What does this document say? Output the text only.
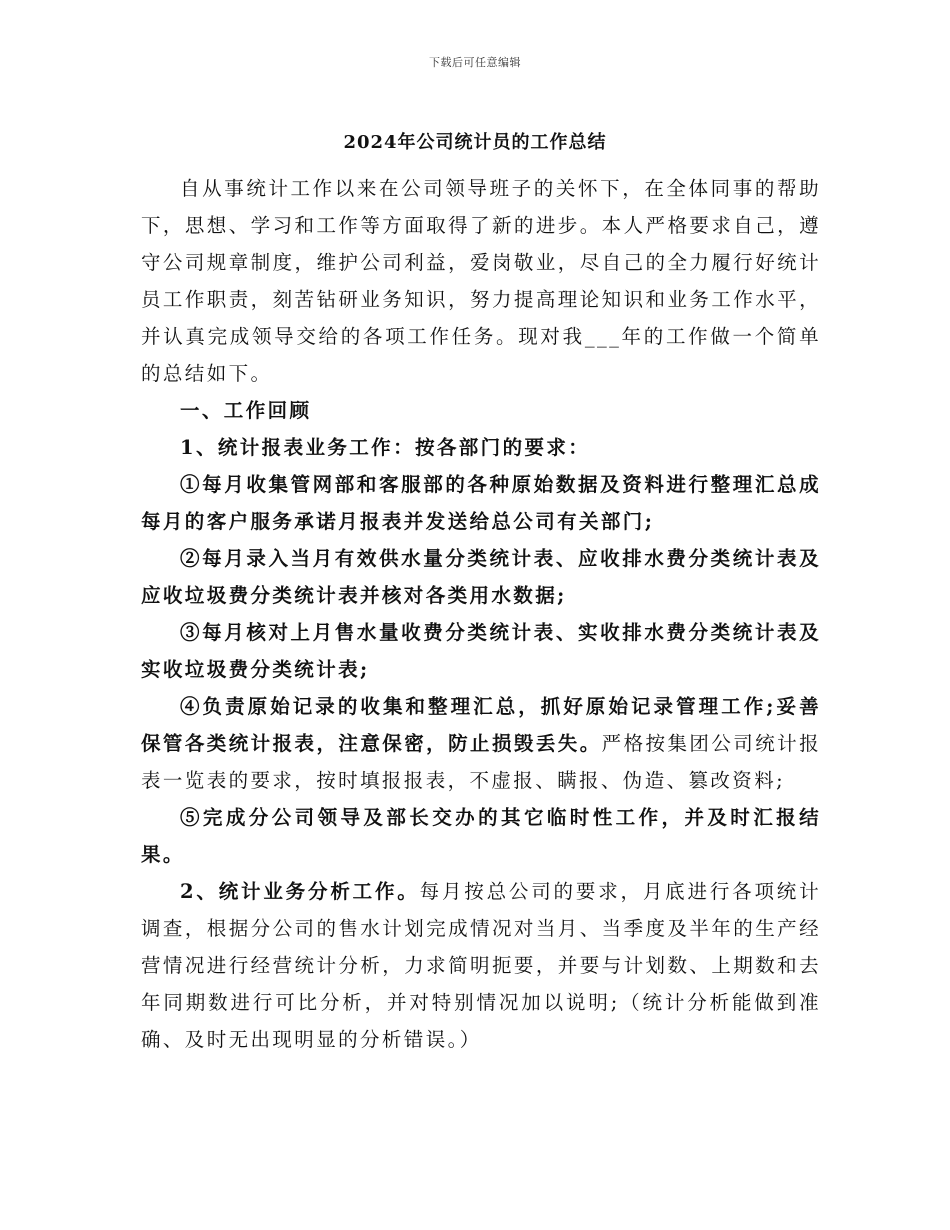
下载后可任意编辑
2024年公司统计员的工作总结

自从事统计工作以来在公司领导班子的关怀下，在全体同事的帮助下，思想、学习和工作等方面取得了新的进步。本人严格要求自己，遵守公司规章制度，维护公司利益，爱岗敬业，尽自己的全力履行好统计员工作职责，刻苦钻研业务知识，努力提高理论知识和业务工作水平，并认真完成领导交给的各项工作任务。现对我___年的工作做一个简单的总结如下。

一、工作回顾

1、统计报表业务工作：按各部门的要求：

①每月收集管网部和客服部的各种原始数据及资料进行整理汇总成每月的客户服务承诺月报表并发送给总公司有关部门;

②每月录入当月有效供水量分类统计表、应收排水费分类统计表及应收垃圾费分类统计表并核对各类用水数据;

③每月核对上月售水量收费分类统计表、实收排水费分类统计表及实收垃圾费分类统计表;

④负责原始记录的收集和整理汇总，抓好原始记录管理工作;妥善保管各类统计报表，注意保密，防止损毁丢失。严格按集团公司统计报表一览表的要求，按时填报报表，不虚报、瞒报、伪造、篡改资料;

⑤完成分公司领导及部长交办的其它临时性工作，并及时汇报结果。

2、统计业务分析工作。每月按总公司的要求，月底进行各项统计调查，根据分公司的售水计划完成情况对当月、当季度及半年的生产经营情况进行经营统计分析，力求简明扼要，并要与计划数、上期数和去年同期数进行可比分析，并对特别情况加以说明;（统计分析能做到准确、及时无出现明显的分析错误。）
